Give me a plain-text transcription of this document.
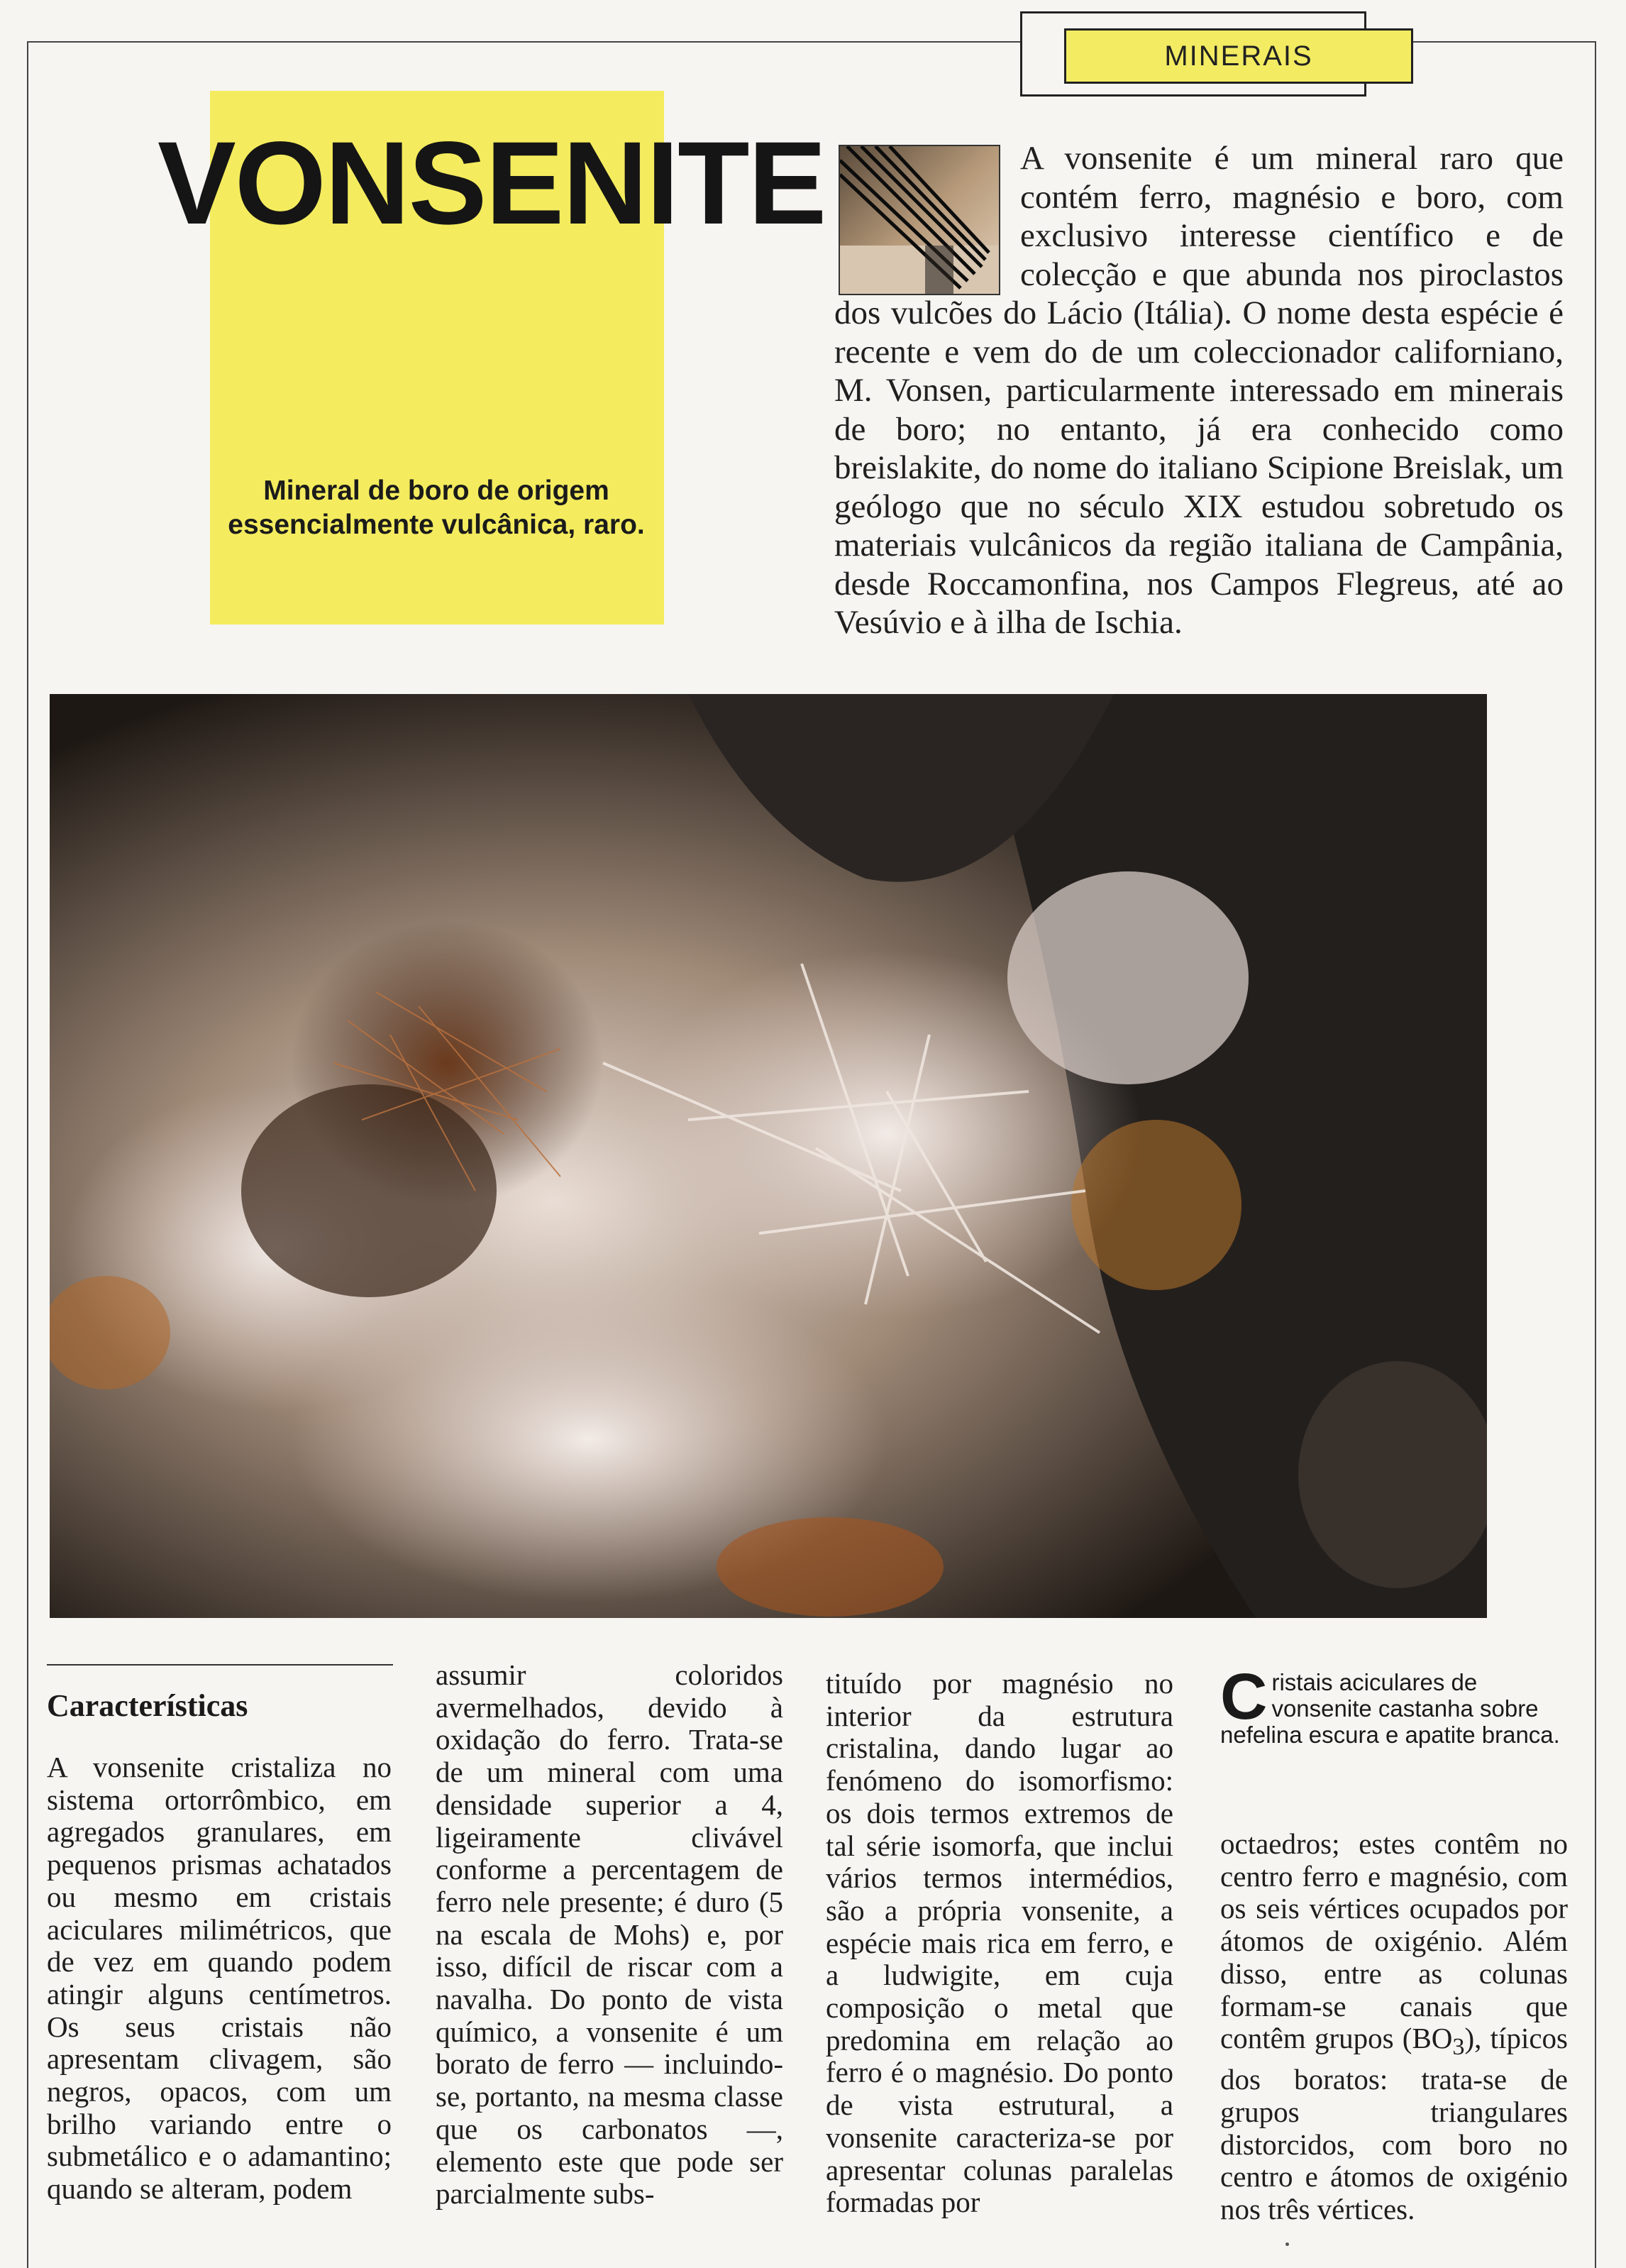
MINERAIS
VONSENITE

Mineral de boro de origem essencialmente vulcânica, raro.

A vonsenite é um mineral raro que contém ferro, magnésio e boro, com exclusivo interesse científico e de colecção e que abunda nos piroclastos dos vulcões do Lácio (Itália). O nome desta espécie é recente e vem do de um coleccionador californiano, M. Vonsen, particularmente interessado em minerais de boro; no entanto, já era conhecido como breislakite, do nome do italiano Scipione Breislak, um geólogo que no século XIX estudou sobretudo os materiais vulcânicos da região italiana de Campânia, desde Roccamonfina, nos Campos Flegreus, até ao Vesúvio e à ilha de Ischia.

Características

A vonsenite cristaliza no sistema ortorrômbico, em agregados granulares, em pequenos prismas achatados ou mesmo em cristais aciculares milimétricos, que de vez em quando podem atingir alguns centímetros. Os seus cristais não apresentam clivagem, são negros, opacos, com um brilho variando entre o submetálico e o adamantino; quando se alteram, podem

assumir coloridos avermelhados, devido à oxidação do ferro. Trata-se de um mineral com uma densidade superior a 4, ligeiramente clivável conforme a percentagem de ferro nele presente; é duro (5 na escala de Mohs) e, por isso, difícil de riscar com a navalha. Do ponto de vista químico, a vonsenite é um borato de ferro — incluindo-se, portanto, na mesma classe que os carbonatos —, elemento este que pode ser parcialmente subs-

tituído por magnésio no interior da estrutura cristalina, dando lugar ao fenómeno do isomorfismo: os dois termos extremos de tal série isomorfa, que inclui vários termos intermédios, são a própria vonsenite, a espécie mais rica em ferro, e a ludwigite, em cuja composição o metal que predomina em relação ao ferro é o magnésio. Do ponto de vista estrutural, a vonsenite caracteriza-se por apresentar colunas paralelas formadas por

Cristais aciculares de vonsenite castanha sobre nefelina escura e apatite branca.

octaedros; estes contêm no centro ferro e magnésio, com os seis vértices ocupados por átomos de oxigénio. Além disso, entre as colunas formam-se canais que contêm grupos $(BO_3)$, típicos dos boratos: trata-se de grupos triangulares distorcidos, com boro no centro e átomos de oxigénio nos três vértices.
